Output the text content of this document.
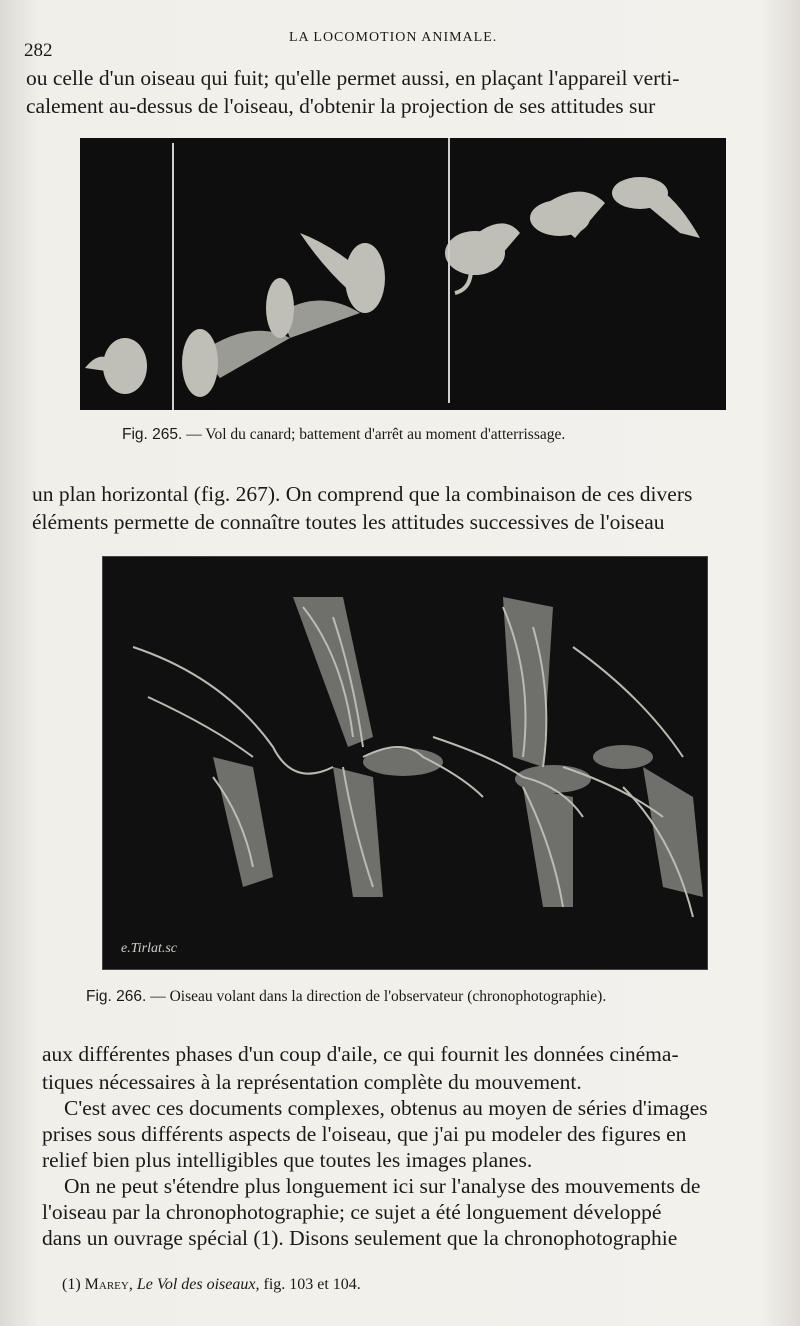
282
LA LOCOMOTION ANIMALE.
ou celle d'un oiseau qui fuit; qu'elle permet aussi, en plaçant l'appareil verti-
calement au-dessus de l'oiseau, d'obtenir la projection de ses attitudes sur
Fig. 265. — Vol du canard; battement d'arrêt au moment d'atterrissage.
un plan horizontal (fig. 267). On comprend que la combinaison de ces divers
éléments permette de connaître toutes les attitudes successives de l'oiseau
e.Tirlat.sc
Fig. 266. — Oiseau volant dans la direction de l'observateur (chronophotographie).
aux différentes phases d'un coup d'aile, ce qui fournit les données cinéma-
tiques nécessaires à la représentation complète du mouvement.
C'est avec ces documents complexes, obtenus au moyen de séries d'images
prises sous différents aspects de l'oiseau, que j'ai pu modeler des figures en
relief bien plus intelligibles que toutes les images planes.
On ne peut s'étendre plus longuement ici sur l'analyse des mouvements de
l'oiseau par la chronophotographie; ce sujet a été longuement développé
dans un ouvrage spécial (1). Disons seulement que la chronophotographie
(1) Marey, Le Vol des oiseaux, fig. 103 et 104.
